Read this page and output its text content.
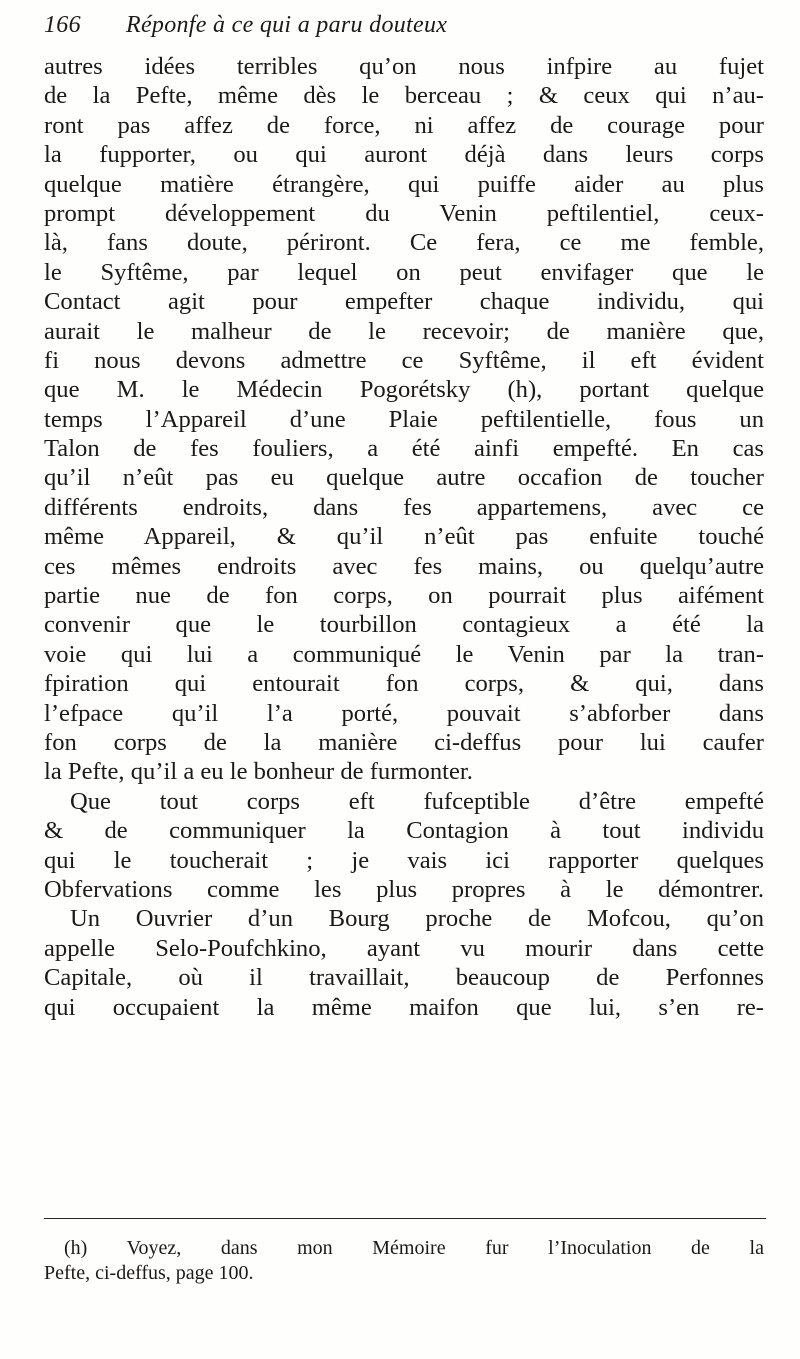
166 Réponfe à ce qui a paru douteux
autres idées terribles qu’on nous infpire au fujet
de la Pefte, même dès le berceau ; & ceux qui n’au-
ront pas affez de force, ni affez de courage pour
la fupporter, ou qui auront déjà dans leurs corps
quelque matière étrangère, qui puiffe aider au plus
prompt développement du Venin peftilentiel, ceux-
là, fans doute, périront. Ce fera, ce me femble,
le Syftême, par lequel on peut envifager que le
Contact agit pour empefter chaque individu, qui
aurait le malheur de le recevoir; de manière que,
fi nous devons admettre ce Syftême, il eft évident
que M. le Médecin Pogorétsky (h), portant quelque
temps l’Appareil d’une Plaie peftilentielle, fous un
Talon de fes fouliers, a été ainfi empefté. En cas
qu’il n’eût pas eu quelque autre occafion de toucher
différents endroits, dans fes appartemens, avec ce
même Appareil, & qu’il n’eût pas enfuite touché
ces mêmes endroits avec fes mains, ou quelqu’autre
partie nue de fon corps, on pourrait plus aifément
convenir que le tourbillon contagieux a été la
voie qui lui a communiqué le Venin par la tran-
fpiration qui entourait fon corps, & qui, dans
l’efpace qu’il l’a porté, pouvait s’abforber dans
fon corps de la manière ci-deffus pour lui caufer
la Pefte, qu’il a eu le bonheur de furmonter.
Que tout corps eft fufceptible d’être empefté
& de communiquer la Contagion à tout individu
qui le toucherait ; je vais ici rapporter quelques
Obfervations comme les plus propres à le démontrer.
Un Ouvrier d’un Bourg proche de Mofcou, qu’on
appelle Selo-Poufchkino, ayant vu mourir dans cette
Capitale, où il travaillait, beaucoup de Perfonnes
qui occupaient la même maifon que lui, s’en re-
(h) Voyez, dans mon Mémoire fur l’Inoculation de la
Pefte, ci-deffus, page 100.
